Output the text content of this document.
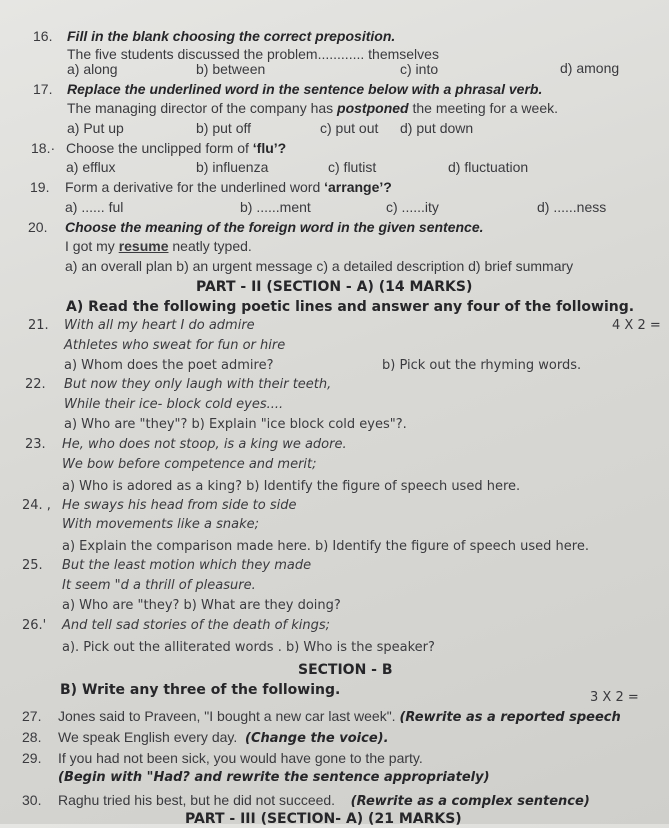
16. Fill in the blank choosing the correct preposition.
The five students discussed the problem............ themselves
a) along	b) between	c) into	d) among
17. Replace the underlined word in the sentence below with a phrasal verb.
The managing director of the company has postponed the meeting for a week.
a) Put up	b) put off	c) put out d) put down
18.· Choose the unclipped form of ‘flu’?
a) efflux	b) influenza	c) flutist	d) fluctuation
19. Form a derivative for the underlined word ‘arrange’?
a) ...... ful	b) ......ment	c) ......ity	d) ......ness
20. Choose the meaning of the foreign word in the given sentence.
I got my resume neatly typed.
a) an overall plan b) an urgent message c) a detailed description d) brief summary
PART - II (SECTION - A) (14 MARKS)
A) Read the following poetic lines and answer any four of the following.
4 X 2 =
21. With all my heart I do admire
Athletes who sweat for fun or hire
a) Whom does the poet admire?	b) Pick out the rhyming words.
22. But now they only laugh with their teeth,
While their ice- block cold eyes....
a) Who are "they"? b) Explain "ice block cold eyes"?.
23. He, who does not stoop, is a king we adore.
We bow before competence and merit;
a) Who is adored as a king? b) Identify the figure of speech used here.
24. , He sways his head from side to side
With movements like a snake;
a) Explain the comparison made here. b) Identify the figure of speech used here.
25. But the least motion which they made
It seem "d a thrill of pleasure.
a) Who are "they? b) What are they doing?
26.' And tell sad stories of the death of kings;
a). Pick out the alliterated words . b) Who is the speaker?
SECTION - B
B) Write any three of the following.	3 X 2 =
27. Jones said to Praveen, "I bought a new car last week". (Rewrite as a reported speech
28. We speak English every day. (Change the voice).
29. If you had not been sick, you would have gone to the party.
(Begin with "Had? and rewrite the sentence appropriately)
30. Raghu tried his best, but he did not succeed. (Rewrite as a complex sentence)
PART - III (SECTION- A) (21 MARKS)
